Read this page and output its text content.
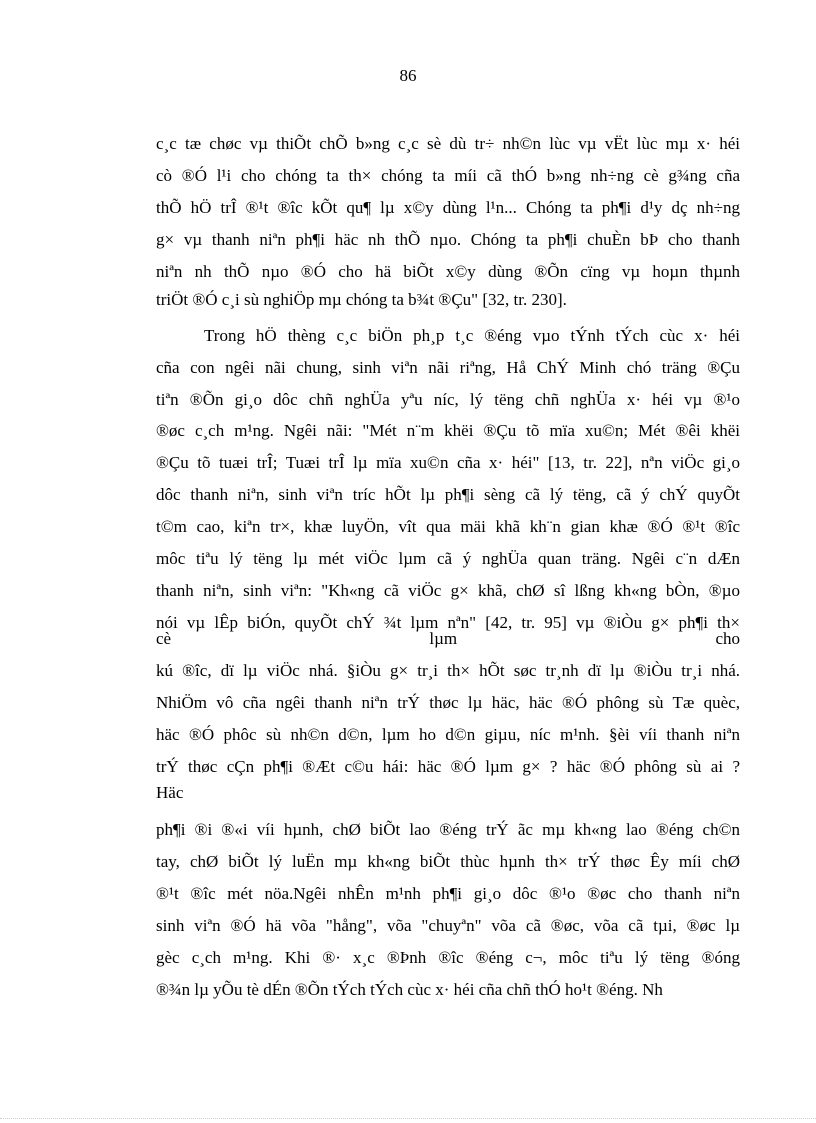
86
c¸c tæ chøc vµ thiÕt chÕ b»ng c¸c sè dù tr÷ nh©n lùc vµ vËt lùc mµ x· héi
cò ®Ó l¹i cho chóng ta th× chóng ta míi cã thÓ b»ng nh÷ng cè g¾ng cña
thÕ hÖ trÎ ®¹t ®îc kÕt qu¶ lµ x©y dùng l¹n... Chóng ta ph¶i d¹y dç nh÷ng
g× vµ thanh niªn ph¶i häc nh thÕ nµo. Chóng ta ph¶i chuÈn bÞ cho thanh
niªn nh thÕ nµo ®Ó cho hä biÕt x©y dùng ®Õn cïng vµ hoµn thµnh
triÖt ®Ó c¸i sù nghiÖp mµ chóng ta b¾t ®Çu" [32, tr. 230].
Trong hÖ thèng c¸c biÖn ph¸p t¸c ®éng vµo tÝnh tÝch cùc x· héi
cña con ngêi nãi chung, sinh viªn nãi riªng, Hå ChÝ Minh chó träng ®Çu
tiªn ®Õn gi¸o dôc chñ nghÜa yªu níc, lý tëng chñ nghÜa x· héi vµ ®¹o
®øc c¸ch m¹ng. Ngêi nãi: "Mét n¨m khëi ®Çu tõ mïa xu©n; Mét ®êi khëi
®Çu tõ tuæi trÎ; Tuæi trÎ lµ mïa xu©n cña x· héi" [13, tr. 22], nªn viÖc gi¸o
dôc thanh niªn, sinh viªn tríc hÕt lµ ph¶i sèng cã lý tëng, cã ý chÝ quyÕt
t©m cao, kiªn tr×, khæ luyÖn, vît qua mäi khã kh¨n gian khæ ®Ó ®¹t ®îc
môc tiªu lý tëng lµ mét viÖc lµm cã ý nghÜa quan träng. Ngêi c¨n dÆn
thanh niªn, sinh viªn: "Kh«ng cã viÖc g× khã, chØ sî lßng kh«ng bÒn, ®µo
nói vµ lÊp biÓn, quyÕt chÝ ¾t lµm nªn" [42, tr. 95] vµ ®iÒu g× ph¶i th×
cè	lµm	cho
kú ®îc, dï lµ viÖc nhá. §iÒu g× tr¸i th× hÕt søc tr¸nh dï lµ ®iÒu tr¸i nhá.
NhiÖm vô cña ngêi thanh niªn trÝ thøc lµ häc, häc ®Ó phông sù Tæ quèc,
häc ®Ó phôc sù nh©n d©n, lµm ho d©n giµu, níc m¹nh. §èi víi thanh niªn
trÝ thøc cÇn ph¶i ®Æt c©u hái: häc ®Ó lµm g× ? häc ®Ó phông sù ai ?
Häc
ph¶i ®i ®«i víi hµnh, chØ biÕt lao ®éng trÝ ãc mµ kh«ng lao ®éng ch©n
tay, chØ biÕt lý luËn mµ kh«ng biÕt thùc hµnh th× trÝ thøc Êy míi chØ
®¹t ®îc mét nöa.Ngêi nhÊn m¹nh ph¶i gi¸o dôc ®¹o ®øc cho thanh niªn
sinh viªn ®Ó hä võa "hång", võa "chuyªn" võa cã ®øc, võa cã tµi, ®øc lµ
gèc c¸ch m¹ng. Khi ®· x¸c ®Þnh ®îc ®éng c¬, môc tiªu lý tëng ®óng
®¾n lµ yÕu tè dÉn ®Õn tÝch tÝch cùc x· héi cña chñ thÓ ho¹t ®éng. Nh
